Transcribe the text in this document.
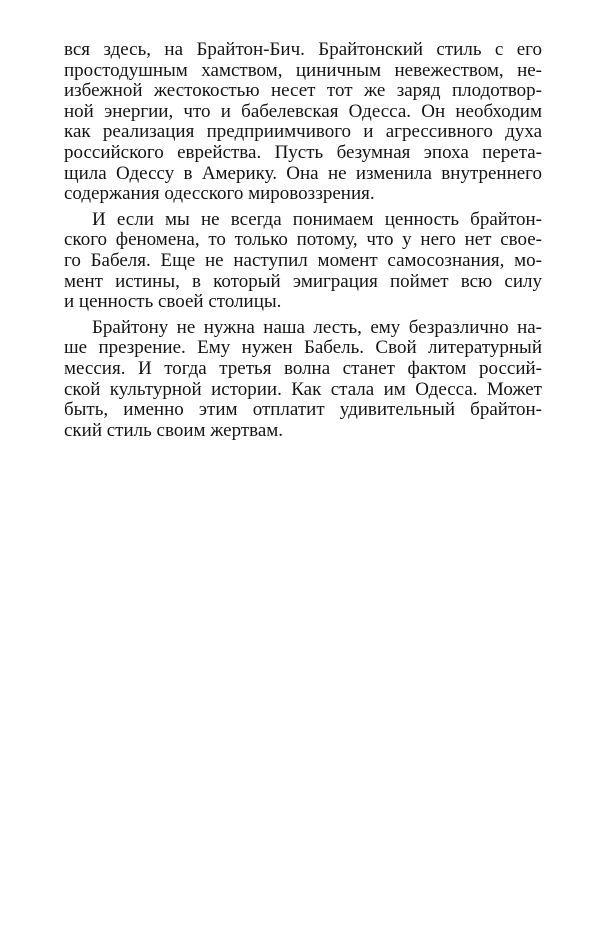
вся здесь, на Брайтон-Бич. Брайтонский стиль с его
простодушным хамством, циничным невежеством, не-
избежной жестокостью несет тот же заряд плодотвор-
ной энергии, что и бабелевская Одесса. Он необходим
как реализация предприимчивого и агрессивного духа
российского еврейства. Пусть безумная эпоха перета-
щила Одессу в Америку. Она не изменила внутреннего
содержания одесского мировоззрения.
И если мы не всегда понимаем ценность брайтон-
ского феномена, то только потому, что у него нет свое-
го Бабеля. Еще не наступил момент самосознания, мо-
мент истины, в который эмиграция поймет всю силу
и ценность своей столицы.
Брайтону не нужна наша лесть, ему безразлично на-
ше презрение. Ему нужен Бабель. Свой литературный
мессия. И тогда третья волна станет фактом россий-
ской культурной истории. Как стала им Одесса. Может
быть, именно этим отплатит удивительный брайтон-
ский стиль своим жертвам.
